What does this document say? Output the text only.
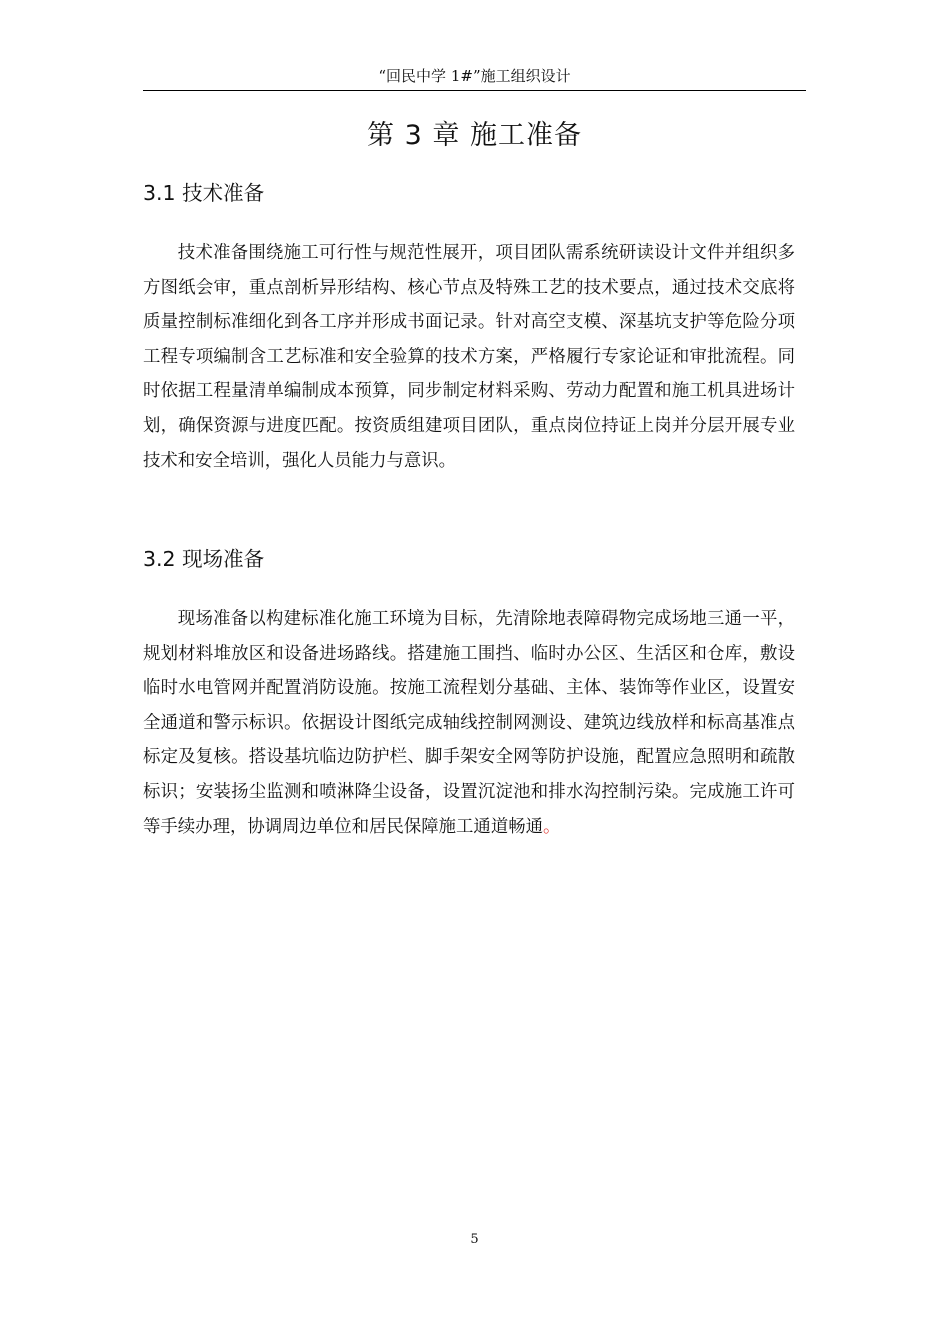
“回民中学 1#”施工组织设计
第 3 章 施工准备
3.1 技术准备

技术准备围绕施工可行性与规范性展开，项目团队需系统研读设计文件并组织多方图纸会审，重点剖析异形结构、核心节点及特殊工艺的技术要点，通过技术交底将质量控制标准细化到各工序并形成书面记录。针对高空支模、深基坑支护等危险分项工程专项编制含工艺标准和安全验算的技术方案，严格履行专家论证和审批流程。同时依据工程量清单编制成本预算，同步制定材料采购、劳动力配置和施工机具进场计划，确保资源与进度匹配。按资质组建项目团队，重点岗位持证上岗并分层开展专业技术和安全培训，强化人员能力与意识。

3.2 现场准备

现场准备以构建标准化施工环境为目标，先清除地表障碍物完成场地三通一平，规划材料堆放区和设备进场路线。搭建施工围挡、临时办公区、生活区和仓库，敷设临时水电管网并配置消防设施。按施工流程划分基础、主体、装饰等作业区，设置安全通道和警示标识。依据设计图纸完成轴线控制网测设、建筑边线放样和标高基准点标定及复核。搭设基坑临边防护栏、脚手架安全网等防护设施，配置应急照明和疏散标识；安装扬尘监测和喷淋降尘设备，设置沉淀池和排水沟控制污染。完成施工许可等手续办理，协调周边单位和居民保障施工通道畅通。

5
